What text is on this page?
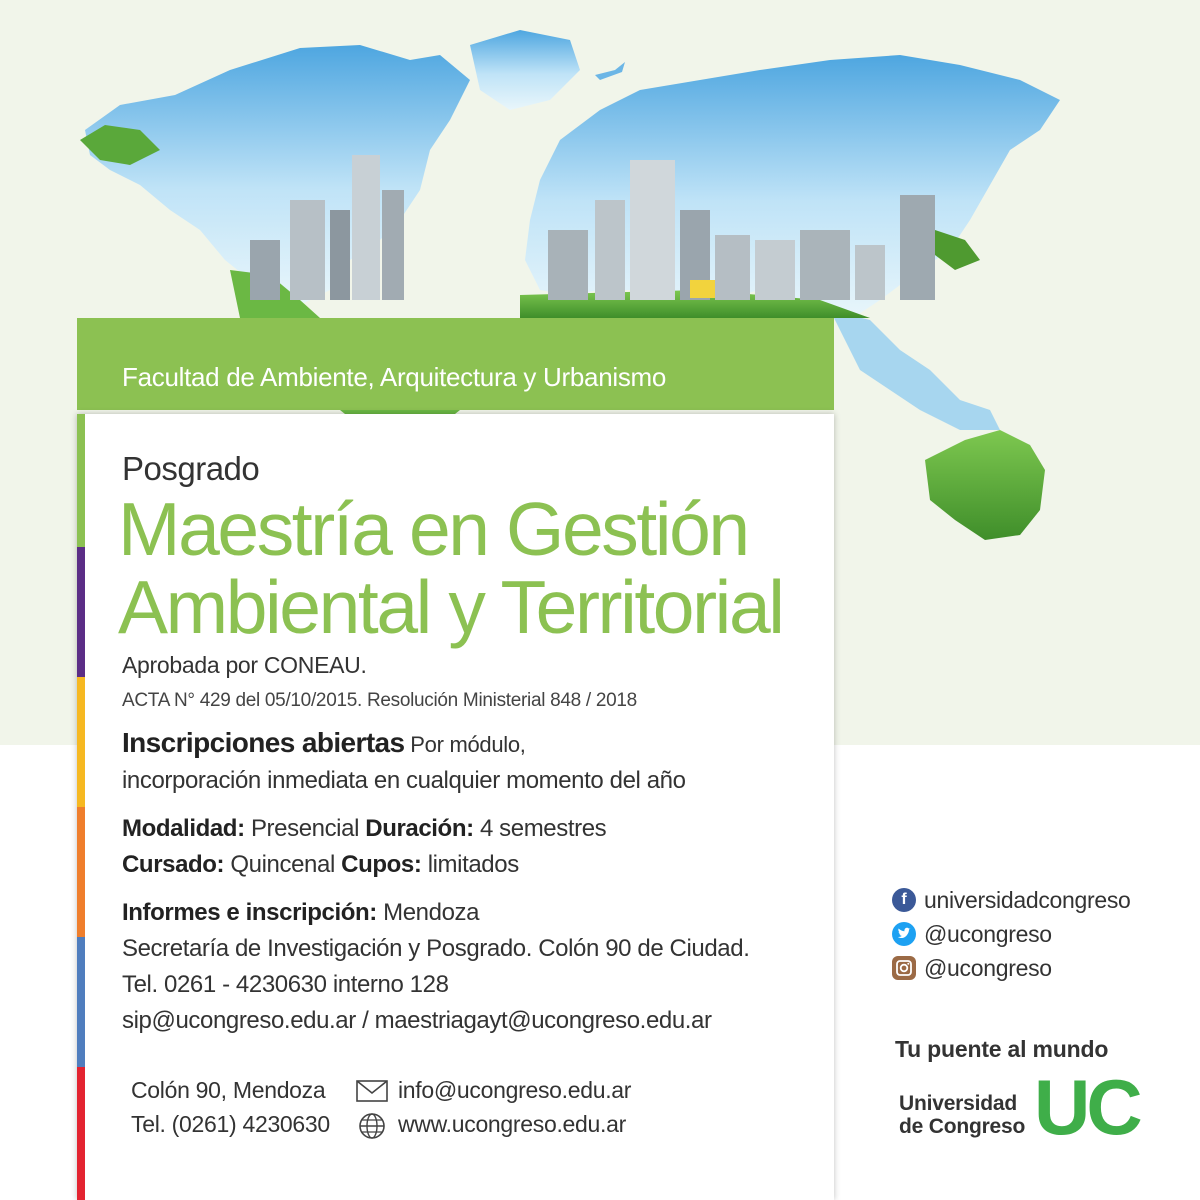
Facultad de Ambiente, Arquitectura y Urbanismo
Posgrado
Maestría en Gestión
Ambiental y Territorial
Aprobada por CONEAU.
ACTA N° 429 del 05/10/2015. Resolución Ministerial 848 / 2018
Inscripciones abiertas Por módulo,
incorporación inmediata en cualquier momento del año
Modalidad: Presencial Duración: 4 semestres
Cursado: Quincenal Cupos: limitados
Informes e inscripción: Mendoza
Secretaría de Investigación y Posgrado. Colón 90 de Ciudad.
Tel. 0261 - 4230630 interno 128
sip@ucongreso.edu.ar / maestriagayt@ucongreso.edu.ar
Colón 90, Mendoza
Tel. (0261) 4230630
info@ucongreso.edu.ar
www.ucongreso.edu.ar
f universidadcongreso
@ucongreso
@ucongreso
Tu puente al mundo
Universidad
de Congreso UC
